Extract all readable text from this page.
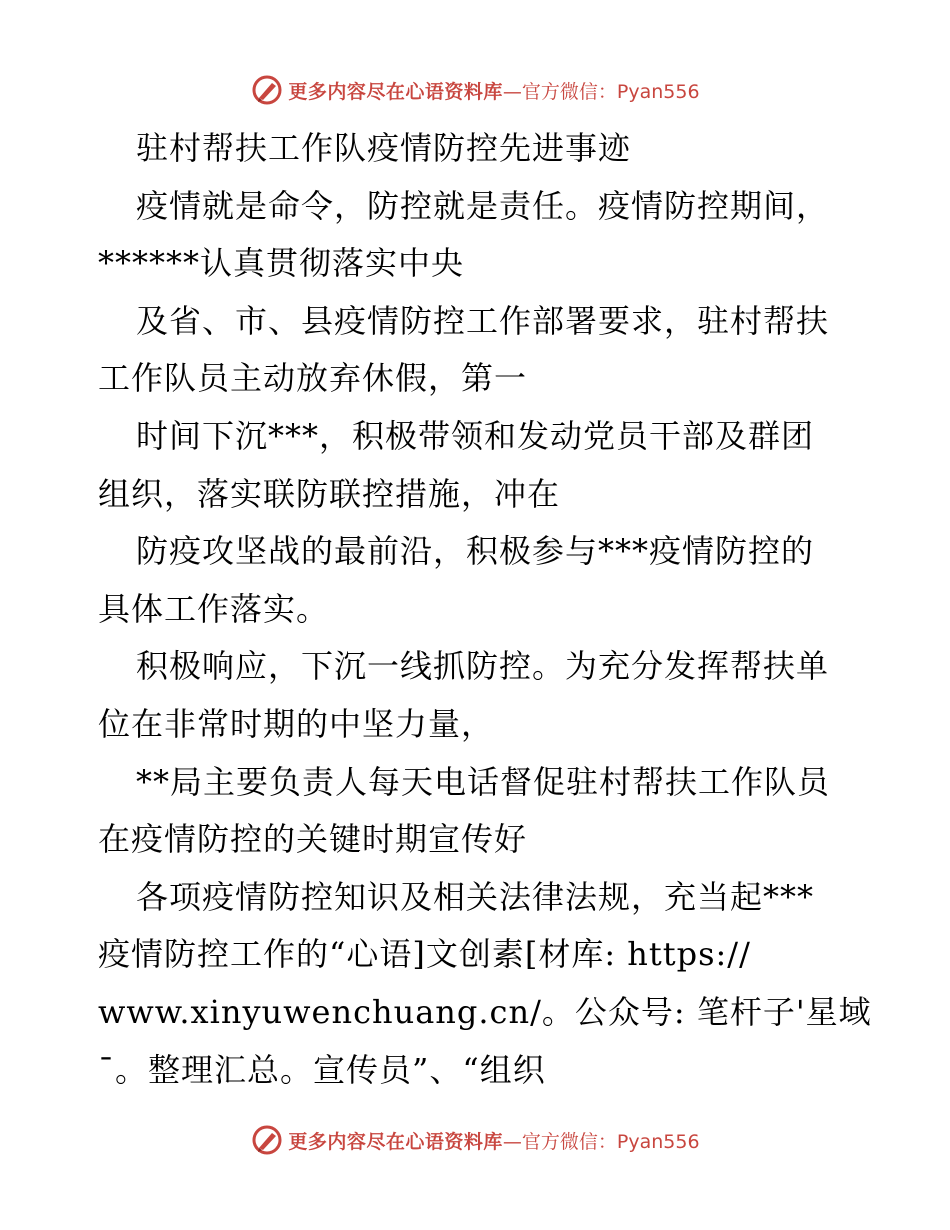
更多内容尽在心语资料库 —官方微信：Pyan556
驻村帮扶工作队疫情防控先进事迹
疫情就是命令，防控就是责任。疫情防控期间，
******认真贯彻落实中央
及省、市、县疫情防控工作部署要求，驻村帮扶
工作队员主动放弃休假，第一
时间下沉***，积极带领和发动党员干部及群团
组织，落实联防联控措施，冲在
防疫攻坚战的最前沿，积极参与***疫情防控的
具体工作落实。
积极响应，下沉一线抓防控。为充分发挥帮扶单
位在非常时期的中坚力量，
**局主要负责人每天电话督促驻村帮扶工作队员
在疫情防控的关键时期宣传好
各项疫情防控知识及相关法律法规，充当起***
疫情防控工作的“心语]文创素[材库: https://
www.xinyuwenchuang.cn/。公众号: 笔杆子'星域
¯。整理汇总。宣传员”、“组织
更多内容尽在心语资料库 —官方微信：Pyan556
